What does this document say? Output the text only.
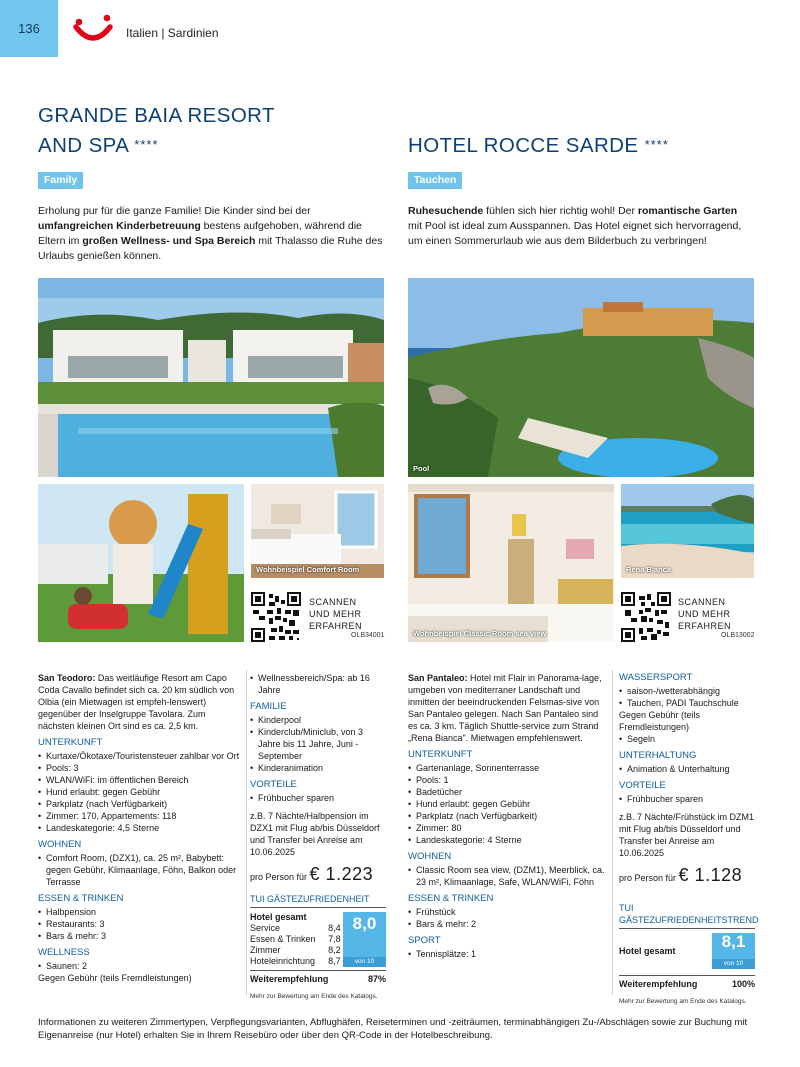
136	Italien | Sardinien
GRANDE BAIA RESORT
AND SPA ****
Family
Erholung pur für die ganze Familie! Die Kinder sind bei der umfangreichen Kinderbetreuung bestens aufgehoben, während die Eltern im großen Wellness- und Spa Bereich mit Thalasso die Ruhe des Urlaubs genießen können.
HOTEL ROCCE SARDE ****
Tauchen
Ruhesuchende fühlen sich hier richtig wohl! Der romantische Garten mit Pool ist ideal zum Ausspannen. Das Hotel eignet sich hervorragend, um einen Sommerurlaub wie aus dem Bilderbuch zu verbringen!
Wohnbeispiel Comfort Room
SCANNEN
UND MEHR
ERFAHREN
OLB34001
Pool
Wohnbeispiel Classic Room sea view
Rena Bianca
SCANNEN
UND MEHR
ERFAHREN
OLB13002

San Teodoro: Das weitläufige Resort am Capo Coda Cavallo befindet sich ca. 20 km südlich von Olbia (ein Mietwagen ist empfeh-lenswert) gegenüber der Inselgruppe Tavolara. Zum nächsten kleinen Ort sind es ca. 2,5 km.

UNTERKUNFT
• Kurtaxe/Ökotaxe/Touristensteuer zahlbar vor Ort
• Pools: 3
• WLAN/WiFi: im öffentlichen Bereich
• Hund erlaubt: gegen Gebühr
• Parkplatz (nach Verfügbarkeit)
• Zimmer: 170, Appartements: 118
• Landeskategorie: 4,5 Sterne
WOHNEN
• Comfort Room, (DZX1), ca. 25 m², Babybett: gegen Gebühr, Klimaanlage, Föhn, Balkon oder Terrasse
ESSEN & TRINKEN
• Halbpension
• Restaurants: 3
• Bars & mehr: 3
WELLNESS
• Saunen: 2
Gegen Gebühr (teils Fremdleistungen)
• Wellnessbereich/Spa: ab 16 Jahre
FAMILIE
• Kinderpool
• Kinderclub/Miniclub, von 3 Jahre bis 11 Jahre, Juni - September
• Kinderanimation
VORTEILE
• Frühbucher sparen

z.B. 7 Nächte/Halbpension im DZX1 mit Flug ab/bis Düsseldorf und Transfer bei Anreise am 10.06.2025

pro Person für € 1.223
TUI GÄSTEZUFRIEDENHEIT
Hotel gesamt	
Service	8,4
Essen & Trinken	7,8
Zimmer	8,2
Hoteleinrichtung	8,7
8,0
von 10
Weiterempfehlung	87%
Mehr zur Bewertung am Ende des Katalogs.

San Pantaleo: Hotel mit Flair in Panorama-lage, umgeben von mediterraner Landschaft und inmitten der beeindruckenden Felsmas-sive von San Pantaleo gelegen. Nach San Pantaleo sind es ca. 3 km. Täglich Shuttle-service zum Strand „Rena Bianca". Mietwagen empfehlenswert.

UNTERKUNFT
• Gartenanlage, Sonnenterrasse
• Pools: 1
• Badetücher
• Hund erlaubt: gegen Gebühr
• Parkplatz (nach Verfügbarkeit)
• Zimmer: 80
• Landeskategorie: 4 Sterne
WOHNEN
• Classic Room sea view, (DZM1), Meerblick, ca. 23 m², Klimaanlage, Safe, WLAN/WiFi, Föhn
ESSEN & TRINKEN
• Frühstück
• Bars & mehr: 2
SPORT
• Tennisplätze: 1
WASSERSPORT
• saison-/wetterabhängig
• Tauchen, PADI Tauchschule
Gegen Gebühr (teils Fremdleistungen)
• Segeln
UNTERHALTUNG
• Animation & Unterhaltung
VORTEILE
• Frühbucher sparen

z.B. 7 Nächte/Frühstück im DZM1 mit Flug ab/bis Düsseldorf und Transfer bei Anreise am 10.06.2025

pro Person für € 1.128
TUI GÄSTEZUFRIEDENHEITSTREND
Hotel gesamt	8,1
von 10
Weiterempfehlung	100%
Mehr zur Bewertung am Ende des Katalogs.
Informationen zu weiteren Zimmertypen, Verpflegungsvarianten, Abflughäfen, Reiseterminen und -zeiträumen, terminabhängigen Zu-/Abschlägen sowie zur Buchung mit Eigenanreise (nur Hotel) erhalten Sie in Ihrem Reisebüro oder über den QR-Code in der Hotelbeschreibung.
